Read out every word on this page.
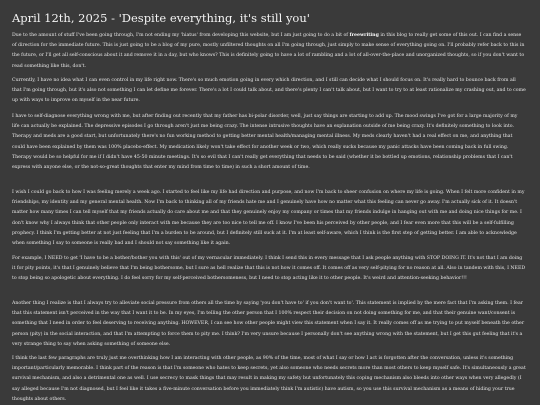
April 12th, 2025 - 'Despite everything, it's still you'

Due to the amount of stuff I've been going through, I'm not ending my 'hiatus' from developing this website, but I am just going to do a bit of freewriting in this blog to really get some of this out. I can find a sense of direction for the immediate future. This is just going to be a blog of my pure, mostly unfiltered thoughts on all I'm going through, just simply to make sense of everything going on. I'll probably refer back to this in the future, or I'll get all self-conscious about it and remove it in a day, but who knows? This is definitely going to have a lot of rambling and a lot of all-over-the-place and unorganized thoughts, so if you don't want to read something like this, don't.

Currently, I have no idea what I can even control in my life right now. There's so much emotion going in every which direction, and I still can decide what I should focus on. It's really hard to bounce back from all that I'm going through, but it's also not something I can let define me forever. There's a lot I could talk about, and there's plenty I can't talk about, but I want to try to at least rationalize my crashing out, and to come up with ways to improve on myself in the near future.

I have to self-diagnose everything wrong with me, but after finding out recently that my father has bi-polar disorder, well, just say things are starting to add up. The mood swings I've got for a large majority of my life can actually be explained. The depressive episodes I go through aren't just me being crazy. The intense intrusive thoughts have an explanation outside of me being crazy. It's definitely something to look into. Therapy and meds are a good start, but unfortunately there's no fun working method to getting better mental health/managing mental illness. My meds clearly haven't had a real effect on me, and anything that could have been explained by them was 100% placebo-effect. My medication likely won't take effect for another week or two, which really sucks because my panic attacks have been coming back in full swing. Therapy would be so helpful for me if I didn't have 45-50 minute meetings. It's so evil that I can't really get everything that needs to be said (whether it be bottled up emotions, relationship problems that I can't express with anyone else, or the not-so-great thoughts that enter my mind from time to time) in such a short amount of time.

I wish I could go back to how I was feeling merely a week ago. I started to feel like my life had direction and purpose, and now I'm back to sheer confusion on where my life is going. When I felt more confident in my friendships, my identity and my general mental health. Now I'm back to thinking all of my friends hate me and I genuinely have how no matter what this feeling can never go away. I'm actually sick of it. It doesn't matter how many times I can tell myself that my friends actually do care about me and that they genuinely enjoy my company or times that my friends indulge in hanging out with me and doing nice things for me. I don't know why I always think that other people only interact with me because they are too nice to tell me off. I know I've been his perceived by other people, and I fear even more that this will be a self-fulfilling prophecy. I think I'm getting better at not just feeling that I'm a burden to be around, but I definitely still suck at it. I'm at least self-aware, which I think is the first step of getting better. I am able to acknowledge when something I say to someone is really bad and I should not say something like it again.

For example, I NEED to get 'I have to be a bother/bother you with this' out of my vernacular immediately. I think I send this in every message that I ask people anything with STOP DOING IT. It's not that I am doing it for pity points, it's that I genuinely believe that I'm being bothersome, but I sure as hell realize that this is not how it comes off. It comes off as very self-pitying for no reason at all. Also in tandem with this, I NEED to stop being so apologetic about everything. I do feel sorry for my self-perceived bothersomeness, but I need to stop acting like it to other people. It's weird and attention-seeking behavior!!!

Another thing I realize is that I always try to alleviate social pressure from others all the time by saying 'you don't have to' if you don't want to'. This statement is implied by the mere fact that I'm asking them. I fear that this statement isn't perceived in the way that I want it to be. In my eyes, I'm telling the other person that I 100% respect their decision on not doing something for me, and that their genuine want/consent is something that I need in order to feel deserving to receiving anything. HOWEVER, I can see how other people might view this statement when I say it. It really comes off as me trying to put myself beneath the other person (pity) in the social interaction, and that I'm attempting to force them to pity me. I think? I'm very unsure because I personally don't see anything wrong with the statement, but I get this gut feeling that it's a very strange thing to say when asking something of someone else.

I think the last few paragraphs are truly just me overthinking how I am interacting with other people, as 90% of the time, most of what I say or how I act is forgotten after the conversation, unless it's something important/particularly memorable. I think part of the reason is that I'm someone who hates to keep secrets, yet also someone who needs secrets more than most others to keep myself safe. It's simultaneously a great survival mechanism, and also a detrimental one as well. I use secrecy to mask things that may result in making my safety but unfortunately this coping mechanism also bleeds into other ways when very allegedly (I say alleged because I'm not diagnosed, but I feel like it takes a five-minute conversation before you immediately think I'm autistic) have autism, so you use this survival mechanism as a means of hiding your true thoughts about others.
